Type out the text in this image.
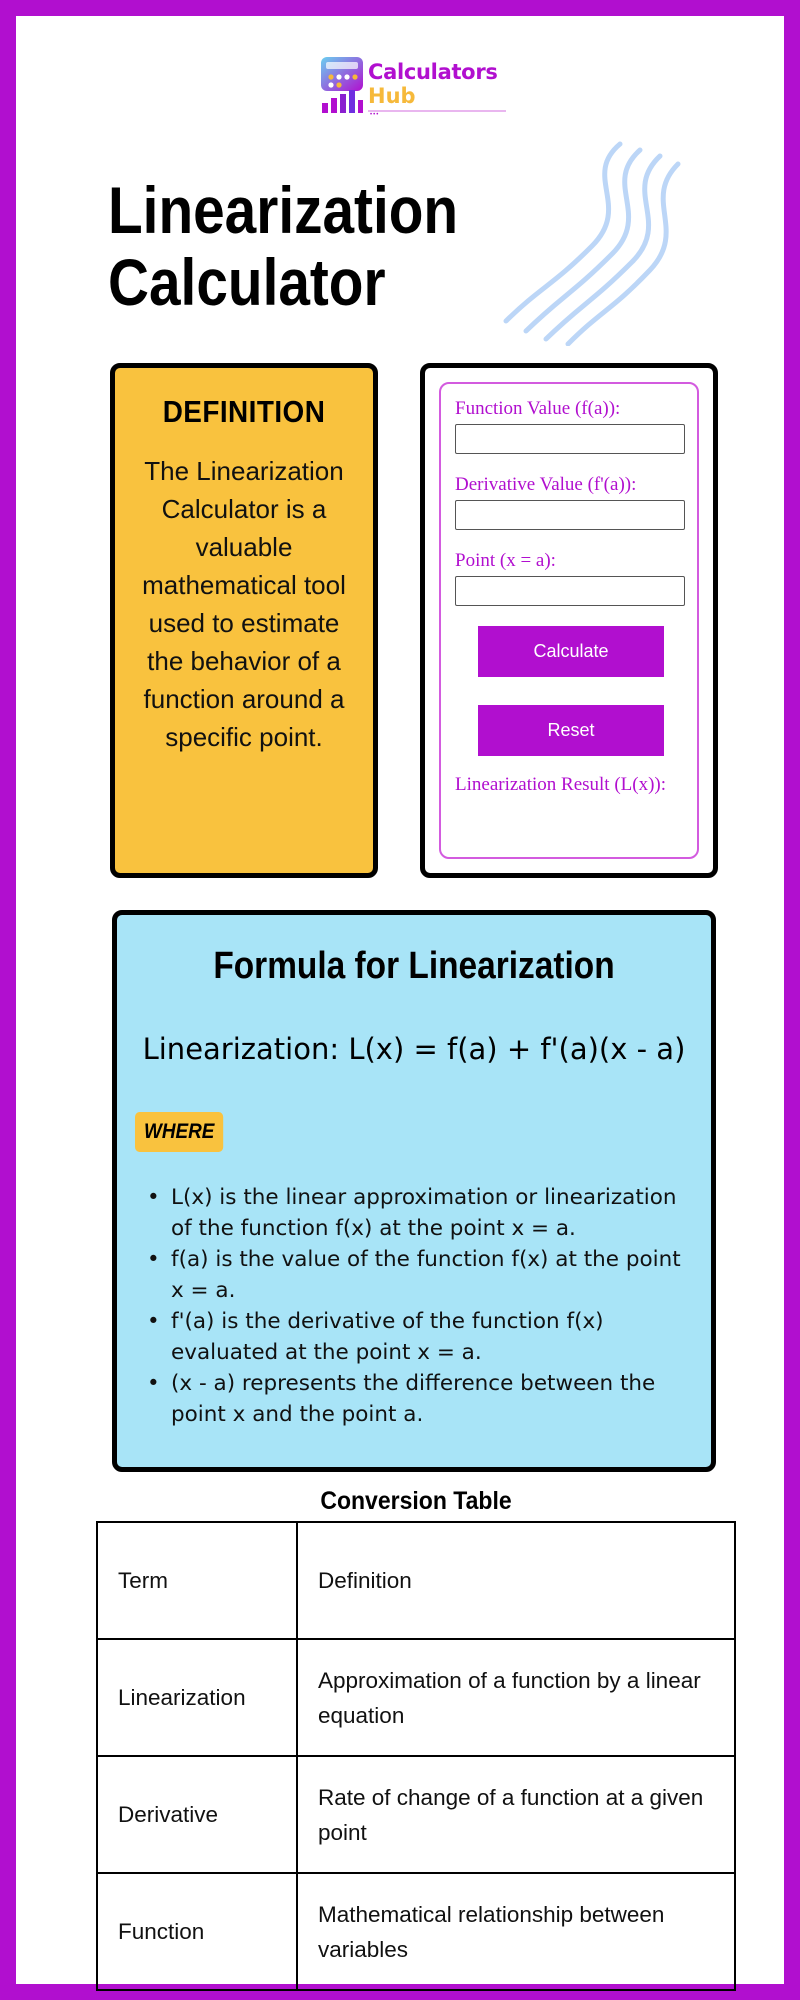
Calculators
Hub
•••
Linearization Calculator
DEFINITION

The Linearization Calculator is a valuable mathematical tool used to estimate the behavior of a function around a specific point.

Function Value (f(a)):
Derivative Value (f'(a)):
Point (x = a):
Calculate
Reset
Linearization Result (L(x)):
Formula for Linearization
Linearization: L(x) = f(a) + f'(a)(x - a)
WHERE
• L(x) is the linear approximation or linearization of the function f(x) at the point x = a.
• f(a) is the value of the function f(x) at the point x = a.
• f'(a) is the derivative of the function f(x) evaluated at the point x = a.
• (x - a) represents the difference between the point x and the point a.
Conversion Table
Term	Definition
Linearization	Approximation of a function by a linear equation
Derivative	Rate of change of a function at a given point
Function	Mathematical relationship between variables
